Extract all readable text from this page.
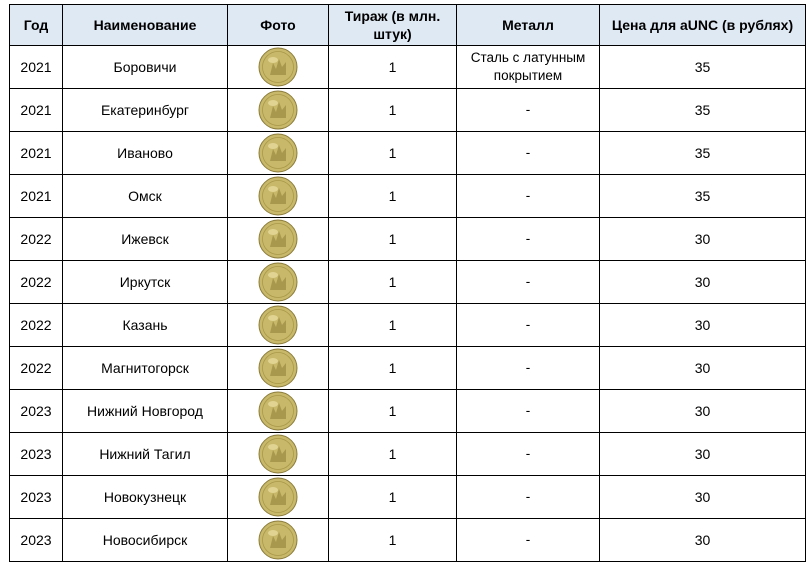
Год	Наименование	Фото	Тираж (в млн. штук)	Металл	Цена для aUNC (в рублях)
2021	Боровичи		1	Сталь с латунным покрытием	35
2021	Екатеринбург		1	-	35
2021	Иваново		1	-	35
2021	Омск		1	-	35
2022	Ижевск		1	-	30
2022	Иркутск		1	-	30
2022	Казань		1	-	30
2022	Магнитогорск		1	-	30
2023	Нижний Новгород		1	-	30
2023	Нижний Тагил		1	-	30
2023	Новокузнецк		1	-	30
2023	Новосибирск		1	-	30
